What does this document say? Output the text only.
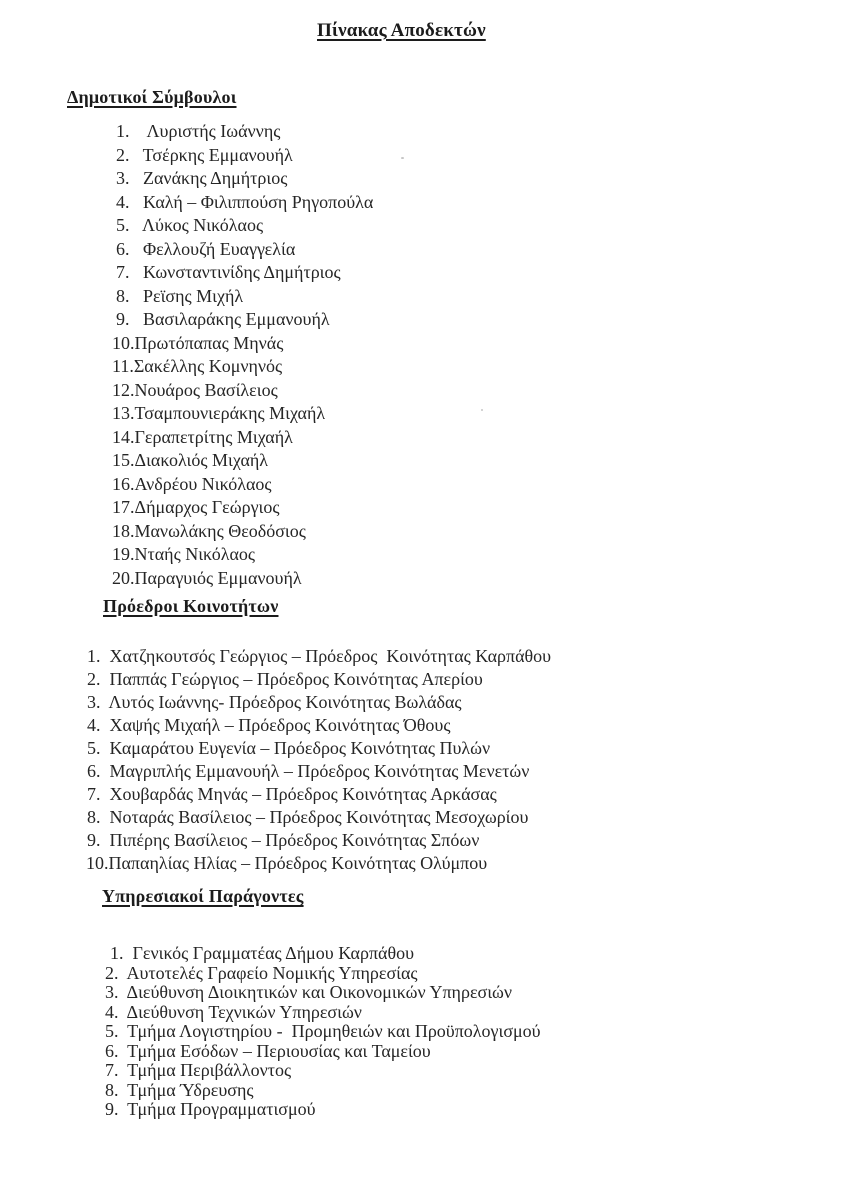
Πίνακας Αποδεκτών
Δημοτικοί Σύμβουλοι
1.    Λυριστής Ιωάννης
2.   Τσέρκης Εμμανουήλ
3.   Ζανάκης Δημήτριος
4.   Καλή – Φιλιππούση Ρηγοπούλα
5.   Λύκος Νικόλαος
6.   Φελλουζή Ευαγγελία
7.   Κωνσταντινίδης Δημήτριος
8.   Ρεϊσης Μιχήλ
9.   Βασιλαράκης Εμμανουήλ
10.Πρωτόπαπας Μηνάς
11.Σακέλλης Κομνηνός
12.Νουάρος Βασίλειος
13.Τσαμπουνιεράκης Μιχαήλ
14.Γεραπετρίτης Μιχαήλ
15.Διακολιός Μιχαήλ
16.Ανδρέου Νικόλαος
17.Δήμαρχος Γεώργιος
18.Μανωλάκης Θεοδόσιος
19.Νταής Νικόλαος
20.Παραγυιός Εμμανουήλ
Πρόεδροι Κοινοτήτων
1.  Χατζηκουτσός Γεώργιος – Πρόεδρος  Κοινότητας Καρπάθου
2.  Παππάς Γεώργιος – Πρόεδρος Κοινότητας Απερίου
3.  Λυτός Ιωάννης- Πρόεδρος Κοινότητας Βωλάδας
4.  Χαψής Μιχαήλ – Πρόεδρος Κοινότητας Όθους
5.  Καμαράτου Ευγενία – Πρόεδρος Κοινότητας Πυλών
6.  Μαγριπλής Εμμανουήλ – Πρόεδρος Κοινότητας Μενετών
7.  Χουβαρδάς Μηνάς – Πρόεδρος Κοινότητας Αρκάσας
8.  Νοταράς Βασίλειος – Πρόεδρος Κοινότητας Μεσοχωρίου
9.  Πιπέρης Βασίλειος – Πρόεδρος Κοινότητας Σπόων
10.Παπαηλίας Ηλίας – Πρόεδρος Κοινότητας Ολύμπου
Υπηρεσιακοί Παράγοντες
1.  Γενικός Γραμματέας Δήμου Καρπάθου
2.  Αυτοτελές Γραφείο Νομικής Υπηρεσίας
3.  Διεύθυνση Διοικητικών και Οικονομικών Υπηρεσιών
4.  Διεύθυνση Τεχνικών Υπηρεσιών
5.  Τμήμα Λογιστηρίου -  Προμηθειών και Προϋπολογισμού
6.  Τμήμα Εσόδων – Περιουσίας και Ταμείου
7.  Τμήμα Περιβάλλοντος
8.  Τμήμα Ύδρευσης
9.  Τμήμα Προγραμματισμού
